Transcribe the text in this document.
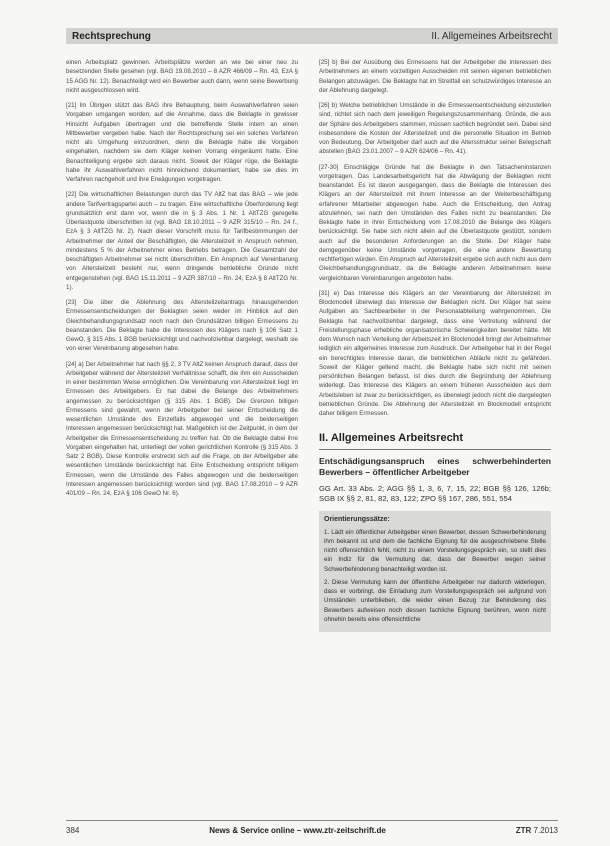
Rechtsprechung	II. Allgemeines Arbeitsrecht

einen Arbeitsplatz gewinnen. Arbeitsplätze werden an wie bei einer neu zu besetzenden Stelle gesehen (vgl. BAG 19.08.2010 – 8 AZR 466/09 – Rn. 43, EzA § 15 AGG Nr. 12). Benachteiligt wird ein Bewerber auch dann, wenn seine Bewerbung nicht ausgeschlossen wird.

[21] Im Übrigen stützt das BAG ihre Behauptung, beim Auswahlverfahren seien Vorgaben umgangen worden, auf die Annahme, dass die Beklagte in gewisser Hinsicht Aufgaben übertragen und die betreffende Stelle intern an einen Mitbewerber vergeben habe. Nach der Rechtsprechung sei ein solches Verfahren nicht als Umgehung einzuordnen, denn die Beklagte habe die Vorgaben eingehalten, nachdem sie dem Kläger keinen Vorrang eingeräumt hatte. Eine Benachteiligung ergebe sich daraus nicht. Soweit der Kläger rüge, die Beklagte habe ihr Auswahlverfahren nicht hinreichend dokumentiert, habe sie dies im Verfahren nachgeholt und ihre Erwägungen vorgetragen.

[22] Die wirtschaftlichen Belastungen durch das TV AltZ hat das BAG – wie jede andere Tarifvertragspartei auch – zu tragen. Eine wirtschaftliche Überforderung liegt grundsätzlich erst dann vor, wenn die in § 3 Abs. 1 Nr. 1 AltTZG geregelte Überlastquote überschritten ist (vgl. BAG 18.10.2011 – 9 AZR 315/10 – Rn. 24 f., EzA § 3 AltTZG Nr. 2). Nach dieser Vorschrift muss für Tarifbestimmungen der Arbeitnehmer der Anteil der Beschäftigten, die Altersteilzeit in Anspruch nehmen, mindestens 5 % der Arbeitnehmer eines Betriebs betragen. Die Gesamtzahl der beschäftigten Arbeitnehmer sei nicht überschritten. Ein Anspruch auf Vereinbarung von Altersteilzeit besteht nur, wenn dringende betriebliche Gründe nicht entgegenstehen (vgl. BAG 15.11.2011 – 9 AZR 387/10 – Rn. 24, EzA § 8 AltTZG Nr. 1).

[23] Die über die Ablehnung des Altersteilzeitantrags hinausgehenden Ermessensentscheidungen der Beklagten seien weder im Hinblick auf den Gleichbehandlungsgrundsatz noch nach den Grundsätzen billigen Ermessens zu beanstanden. Die Beklagte habe die Interessen des Klägers nach § 106 Satz 1 GewO, § 315 Abs. 1 BGB berücksichtigt und nachvollziehbar dargelegt, weshalb sie von einer Vereinbarung abgesehen habe.

[24] a) Der Arbeitnehmer hat nach §§ 2, 3 TV AltZ keinen Anspruch darauf, dass der Arbeitgeber während der Altersteilzeit Verhältnisse schafft, die ihm ein Ausscheiden in einer bestimmten Weise ermöglichen. Die Vereinbarung von Altersteilzeit liegt im Ermessen des Arbeitgebers. Er hat dabei die Belange des Arbeitnehmers angemessen zu berücksichtigen (§ 315 Abs. 1 BGB). Die Grenzen billigen Ermessens sind gewahrt, wenn der Arbeitgeber bei seiner Entscheidung die wesentlichen Umstände des Einzelfalls abgewogen und die beiderseitigen Interessen angemessen berücksichtigt hat. Maßgeblich ist der Zeitpunkt, in dem der Arbeitgeber die Ermessensentscheidung zu treffen hat. Ob die Beklagte dabei ihre Vorgaben eingehalten hat, unterliegt der vollen gerichtlichen Kontrolle (§ 315 Abs. 3 Satz 2 BGB). Diese Kontrolle erstreckt sich auf die Frage, ob der Arbeitgeber alle wesentlichen Umstände berücksichtigt hat. Eine Entscheidung entspricht billigem Ermessen, wenn die Umstände des Falles abgewogen und die beiderseitigen Interessen angemessen berücksichtigt worden sind (vgl. BAG 17.08.2010 – 9 AZR 401/09 – Rn. 24, EzA § 106 GewO Nr. 6).

[25] b) Bei der Ausübung des Ermessens hat der Arbeitgeber die Interessen des Arbeitnehmers an einem vorzeitigen Ausscheiden mit seinen eigenen betrieblichen Belangen abzuwägen. Die Beklagte hat im Streitfall ein schutzwürdiges Interesse an der Ablehnung dargelegt.

[26] b) Welche betrieblichen Umstände in die Ermessensentscheidung einzustellen sind, richtet sich nach dem jeweiligen Regelungszusammenhang. Gründe, die aus der Sphäre des Arbeitgebers stammen, müssen sachlich begründet sein. Dabei sind insbesondere die Kosten der Altersteilzeit und die personelle Situation im Betrieb von Bedeutung. Der Arbeitgeber darf auch auf die Altersstruktur seiner Belegschaft abstellen (BAG 23.01.2007 – 9 AZR 624/06 – Rn. 41).

[27-30] Einschlägige Gründe hat die Beklagte in den Tatsacheninstanzen vorgetragen. Das Landesarbeitsgericht hat die Abwägung der Beklagten nicht beanstandet. Es ist davon ausgegangen, dass die Beklagte die Interessen des Klägers an der Altersteilzeit mit ihrem Interesse an der Weiterbeschäftigung erfahrener Mitarbeiter abgewogen habe. Auch die Entscheidung, den Antrag abzulehnen, sei nach den Umständen des Falles nicht zu beanstanden. Die Beklagte habe in ihrer Entscheidung vom 17.08.2010 die Belange des Klägers berücksichtigt. Sie habe sich nicht allein auf die Überlastquote gestützt, sondern auch auf die besonderen Anforderungen an die Stelle. Der Kläger habe demgegenüber keine Umstände vorgetragen, die eine andere Bewertung rechtfertigen würden. Ein Anspruch auf Altersteilzeit ergebe sich auch nicht aus dem Gleichbehandlungsgrundsatz, da die Beklagte anderen Arbeitnehmern keine vergleichbaren Vereinbarungen angeboten habe.

[31] e) Das Interesse des Klägers an der Vereinbarung der Altersteilzeit im Blockmodell überwiegt das Interesse der Beklagten nicht. Der Kläger hat seine Aufgaben als Sachbearbeiter in der Personalabteilung wahrgenommen. Die Beklagte hat nachvollziehbar dargelegt, dass eine Vertretung während der Freistellungsphase erhebliche organisatorische Schwierigkeiten bereitet hätte. Mit dem Wunsch nach Verteilung der Arbeitszeit im Blockmodell bringt der Arbeitnehmer lediglich ein allgemeines Interesse zum Ausdruck. Der Arbeitgeber hat in der Regel ein berechtigtes Interesse daran, die betrieblichen Abläufe nicht zu gefährden. Soweit der Kläger geltend macht, die Beklagte habe sich nicht mit seinen persönlichen Belangen befasst, ist dies durch die Begründung der Ablehnung widerlegt. Das Interesse des Klägers an einem früheren Ausscheiden aus dem Arbeitsleben ist zwar zu berücksichtigen, es überwiegt jedoch nicht die dargelegten betrieblichen Gründe. Die Ablehnung der Altersteilzeit im Blockmodell entspricht daher billigem Ermessen.

II. Allgemeines Arbeitsrecht
Entschädigungsanspruch eines schwerbehinderten Bewerbers – öffentlicher Arbeitgeber
GG Art. 33 Abs. 2; AGG §§ 1, 3, 6, 7, 15, 22; BGB §§ 126, 126b; SGB IX §§ 2, 81, 82, 83, 122; ZPO §§ 167, 286, 551, 554
Orientierungssätze:

1. Lädt ein öffentlicher Arbeitgeber einen Bewerber, dessen Schwerbehinderung ihm bekannt ist und dem die fachliche Eignung für die ausgeschriebene Stelle nicht offensichtlich fehlt, nicht zu einem Vorstellungsgespräch ein, so stellt dies ein Indiz für die Vermutung dar, dass der Bewerber wegen seiner Schwerbehinderung benachteiligt worden ist.

2. Diese Vermutung kann der öffentliche Arbeitgeber nur dadurch widerlegen, dass er vorbringt, die Einladung zum Vorstellungsgespräch sei aufgrund von Umständen unterblieben, die weder einen Bezug zur Behinderung des Bewerbers aufweisen noch dessen fachliche Eignung berühren, wenn nicht ohnehin bereits eine offensichtliche

384	News & Service online – www.ztr-zeitschrift.de	ZTR 7.2013
